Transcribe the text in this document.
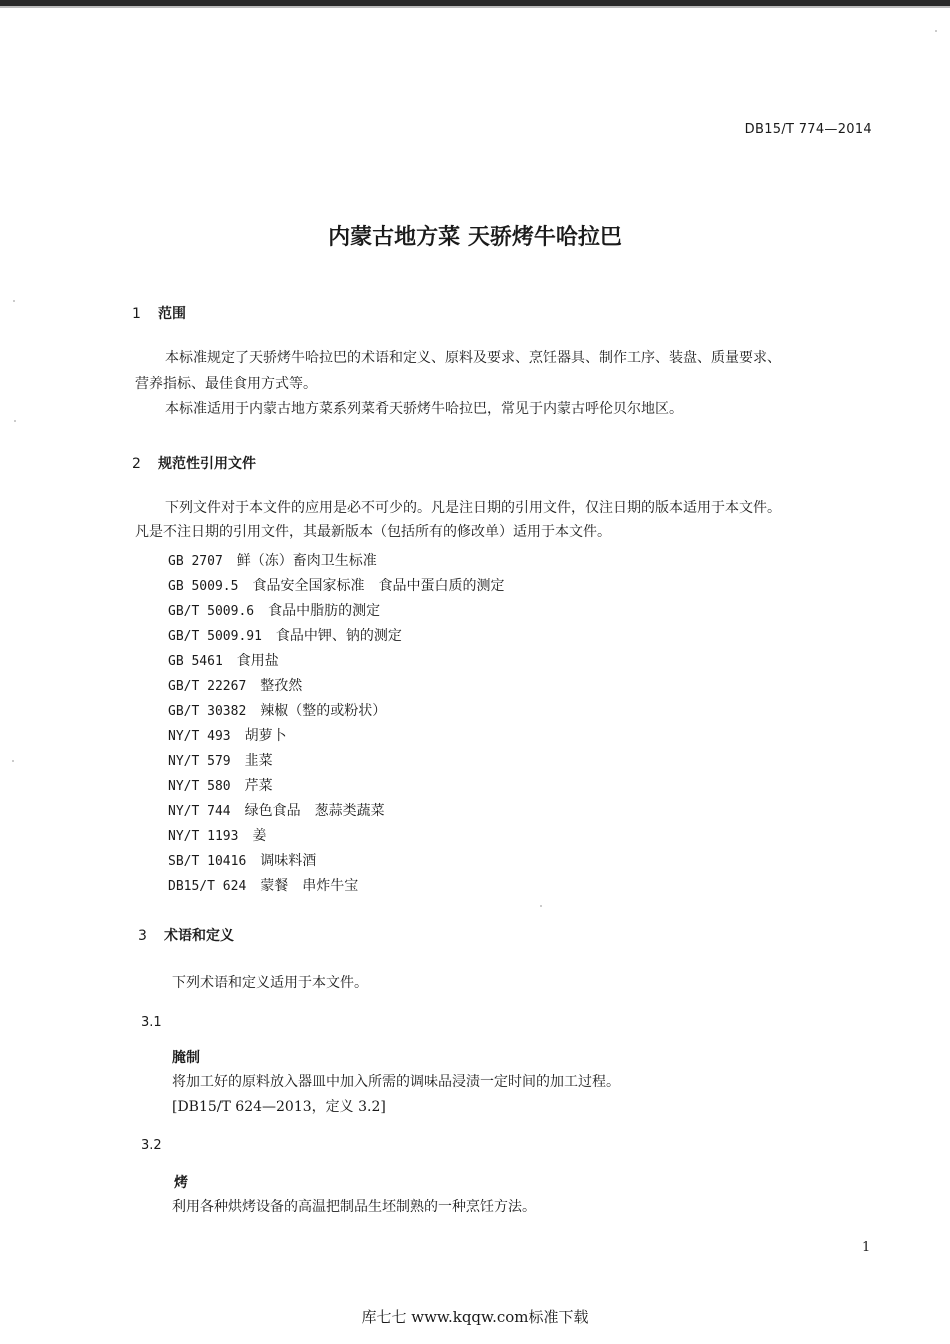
DB15/T 774—2014
内蒙古地方菜 天骄烤牛哈拉巴
1 范围
本标准规定了天骄烤牛哈拉巴的术语和定义、原料及要求、烹饪器具、制作工序、装盘、质量要求、
营养指标、最佳食用方式等。
本标准适用于内蒙古地方菜系列菜肴天骄烤牛哈拉巴，常见于内蒙古呼伦贝尔地区。
2 规范性引用文件
下列文件对于本文件的应用是必不可少的。凡是注日期的引用文件，仅注日期的版本适用于本文件。
凡是不注日期的引用文件，其最新版本（包括所有的修改单）适用于本文件。
GB 2707 鲜（冻）畜肉卫生标准
GB 5009.5 食品安全国家标准　食品中蛋白质的测定
GB/T 5009.6 食品中脂肪的测定
GB/T 5009.91 食品中钾、钠的测定
GB 5461 食用盐
GB/T 22267 整孜然
GB/T 30382 辣椒（整的或粉状）
NY/T 493 胡萝卜
NY/T 579 韭菜
NY/T 580 芹菜
NY/T 744 绿色食品　葱蒜类蔬菜
NY/T 1193 姜
SB/T 10416 调味料酒
DB15/T 624 蒙餐　串炸牛宝
3 术语和定义
下列术语和定义适用于本文件。
3.1
腌制
将加工好的原料放入器皿中加入所需的调味品浸渍一定时间的加工过程。
[DB15/T 624—2013，定义 3.2]
3.2
烤
利用各种烘烤设备的高温把制品生坯制熟的一种烹饪方法。
1
库七七 www.kqqw.com标准下载
